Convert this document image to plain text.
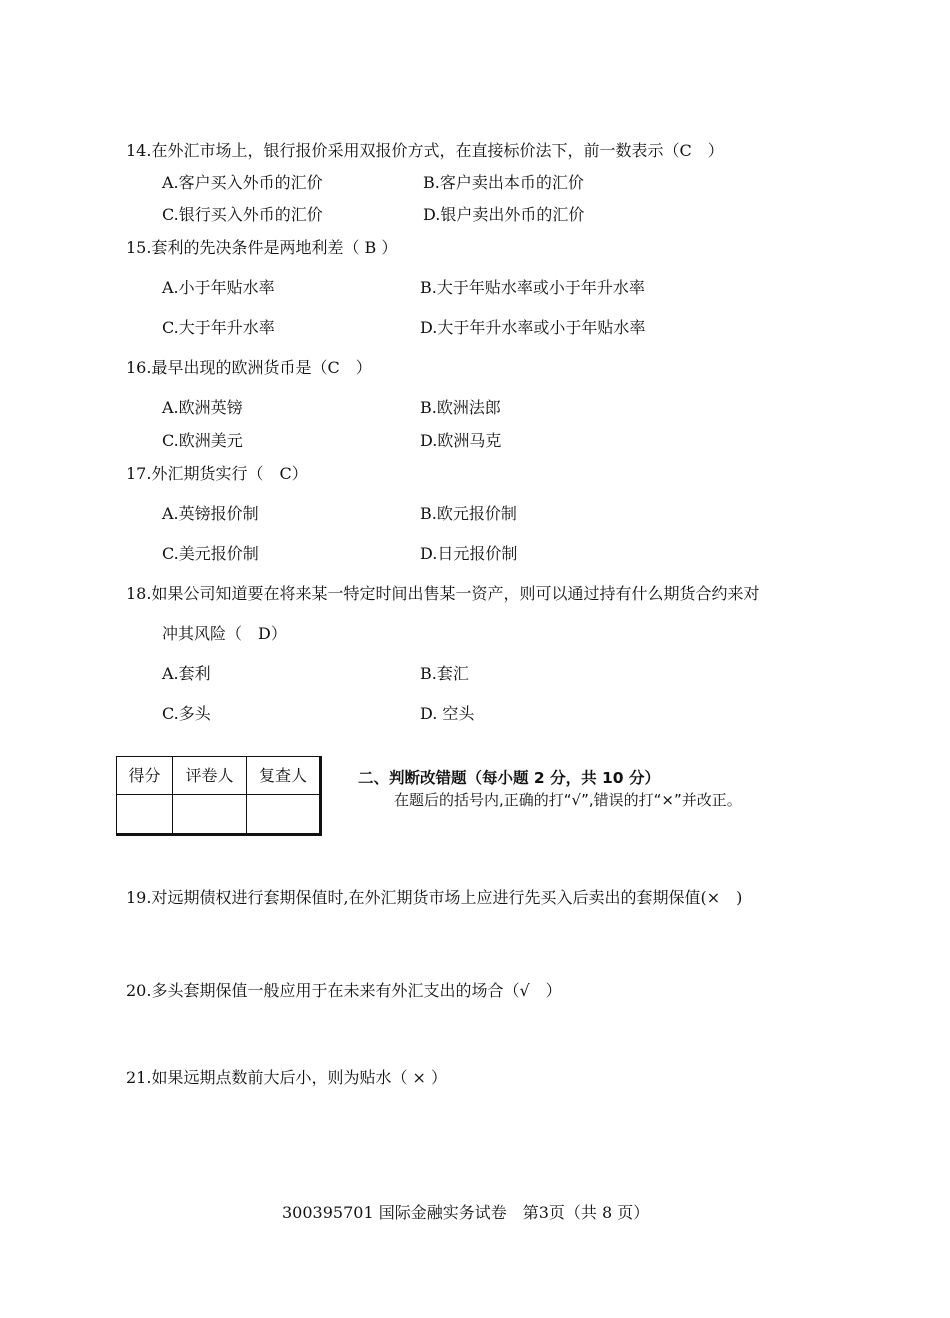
14.在外汇市场上，银行报价采用双报价方式，在直接标价法下，前一数表示（C　）
A.客户买入外币的汇价	B.客户卖出本币的汇价
C.银行买入外币的汇价	D.银户卖出外币的汇价
15.套利的先决条件是两地利差（ B ）
A.小于年贴水率	B.大于年贴水率或小于年升水率
C.大于年升水率	D.大于年升水率或小于年贴水率
16.最早出现的欧洲货币是（C　）
A.欧洲英镑	B.欧洲法郎
C.欧洲美元	D.欧洲马克
17.外汇期货实行（　C）
A.英镑报价制	B.欧元报价制
C.美元报价制	D.日元报价制
18.如果公司知道要在将来某一特定时间出售某一资产，则可以通过持有什么期货合约来对
冲其风险（　D）
A.套利	B.套汇
C.多头	D. 空头
得分	评卷人	复查人
			二、判断改错题（每小题 2 分，共 10 分）
在题后的括号内,正确的打“√”,错误的打“×”并改正。
19.对远期债权进行套期保值时,在外汇期货市场上应进行先买入后卖出的套期保值(×　)
20.多头套期保值一般应用于在未来有外汇支出的场合（√　）
21.如果远期点数前大后小，则为贴水（ × ）
300395701 国际金融实务试卷　第3页（共 8 页）
